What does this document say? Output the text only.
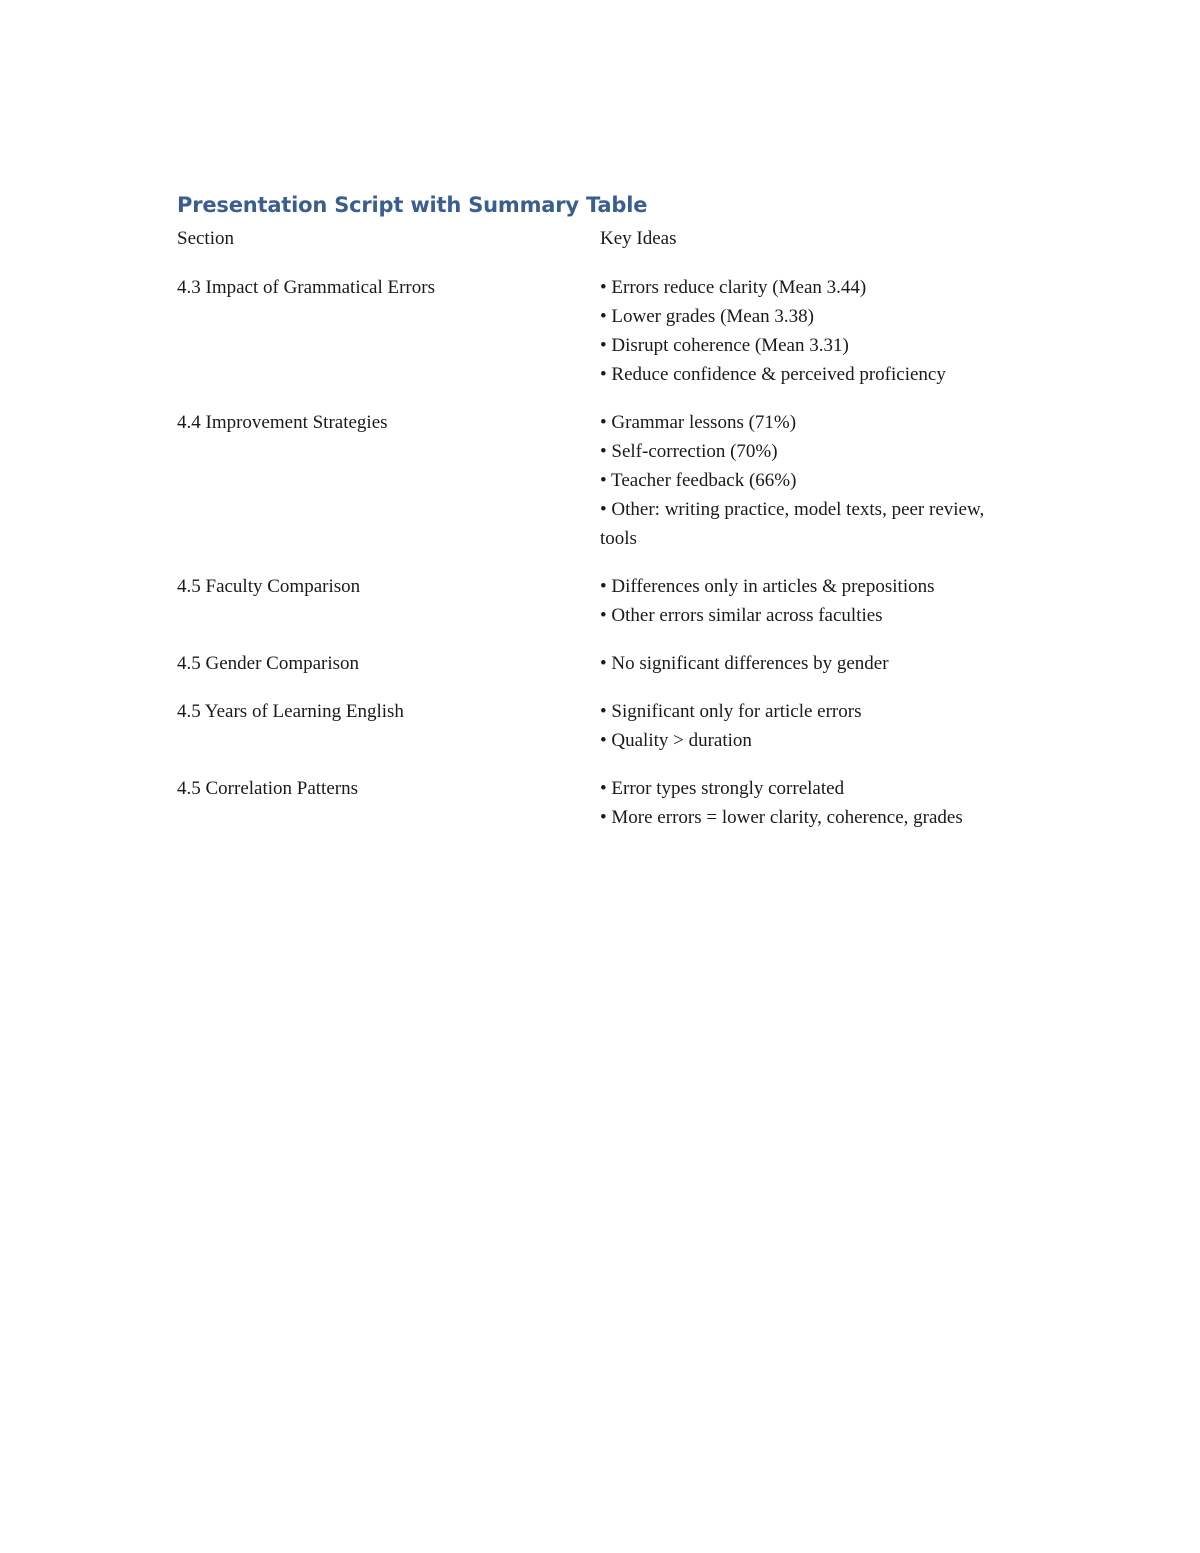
Presentation Script with Summary Table
Section	Key Ideas
4.3 Impact of Grammatical Errors	• Errors reduce clarity (Mean 3.44)
• Lower grades (Mean 3.38)
• Disrupt coherence (Mean 3.31)
• Reduce confidence & perceived proficiency

4.4 Improvement Strategies	• Grammar lessons (71%)
• Self-correction (70%)
• Teacher feedback (66%)
• Other: writing practice, model texts, peer review, tools

4.5 Faculty Comparison	• Differences only in articles & prepositions
• Other errors similar across faculties

4.5 Gender Comparison	• No significant differences by gender

4.5 Years of Learning English	• Significant only for article errors
• Quality > duration

4.5 Correlation Patterns	• Error types strongly correlated
• More errors = lower clarity, coherence, grades
